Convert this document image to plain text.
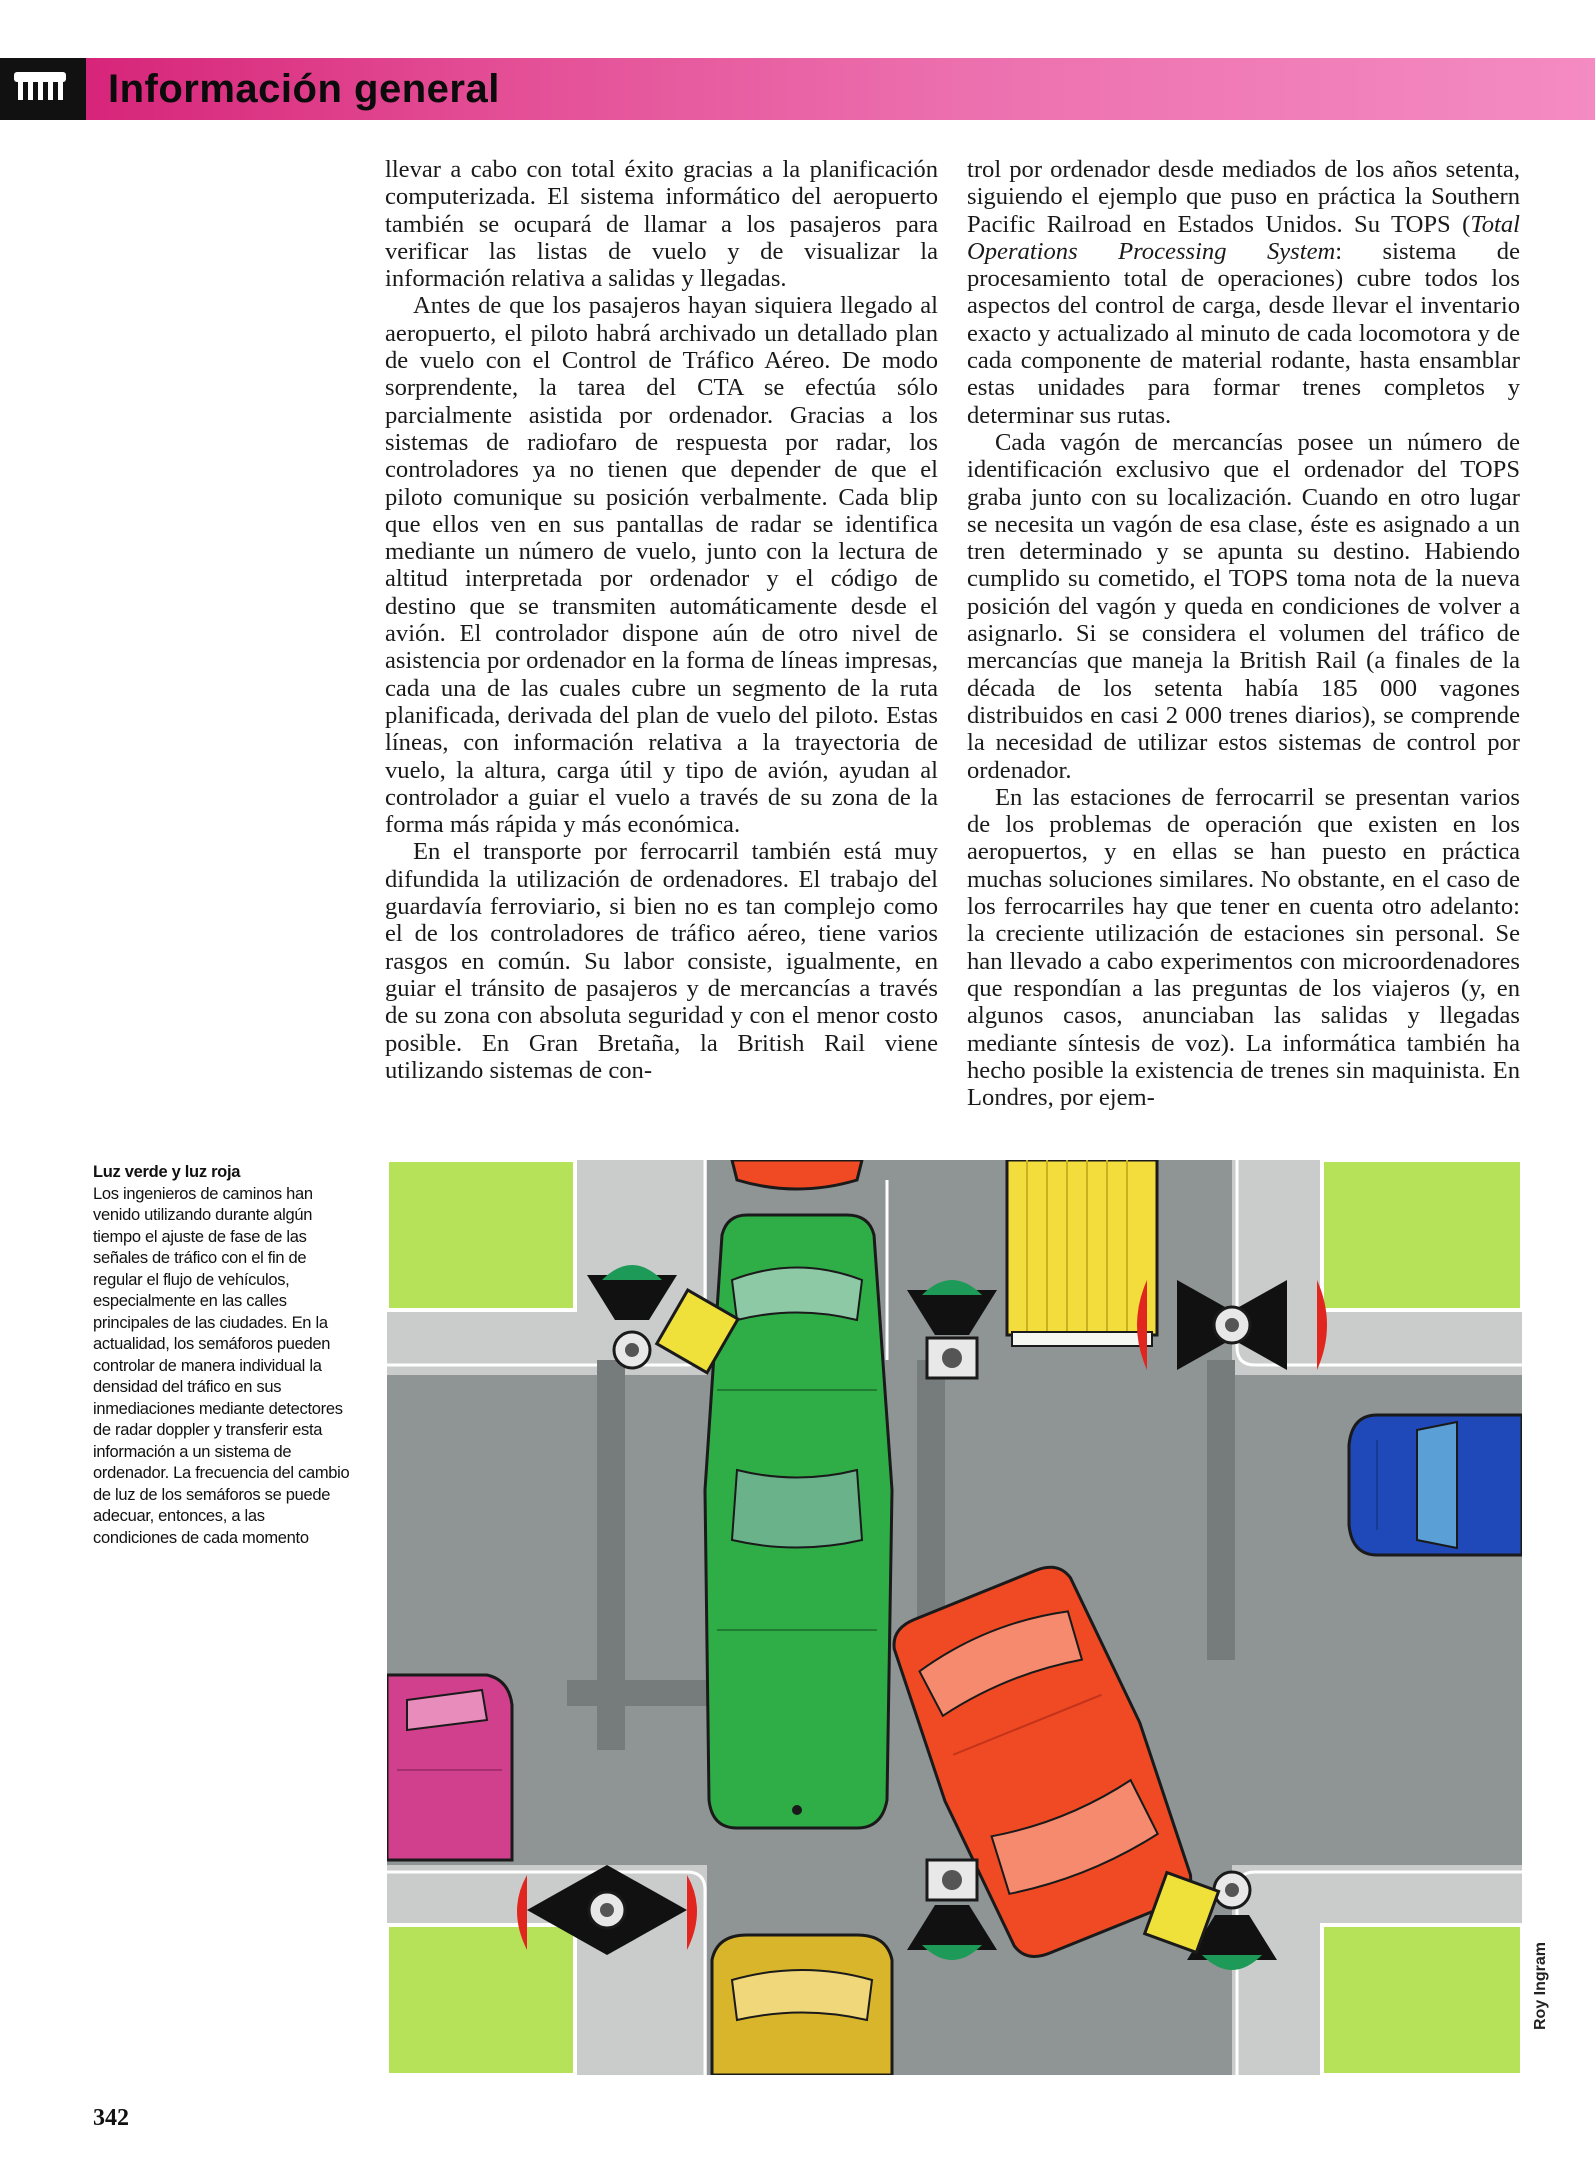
Información general

llevar a cabo con total éxito gracias a la planificación computerizada. El sistema informático del aeropuerto también se ocupará de llamar a los pasajeros para verificar las listas de vuelo y de visualizar la información relativa a salidas y llegadas.

Antes de que los pasajeros hayan siquiera llegado al aeropuerto, el piloto habrá archivado un detallado plan de vuelo con el Control de Tráfico Aéreo. De modo sorprendente, la tarea del CTA se efectúa sólo parcialmente asistida por ordenador. Gracias a los sistemas de radiofaro de respuesta por radar, los controladores ya no tienen que depender de que el piloto comunique su posición verbalmente. Cada blip que ellos ven en sus pantallas de radar se identifica mediante un número de vuelo, junto con la lectura de altitud interpretada por ordenador y el código de destino que se transmiten automáticamente desde el avión. El controlador dispone aún de otro nivel de asistencia por ordenador en la forma de líneas impresas, cada una de las cuales cubre un segmento de la ruta planificada, derivada del plan de vuelo del piloto. Estas líneas, con información relativa a la trayectoria de vuelo, la altura, carga útil y tipo de avión, ayudan al controlador a guiar el vuelo a través de su zona de la forma más rápida y más económica.

En el transporte por ferrocarril también está muy difundida la utilización de ordenadores. El trabajo del guardavía ferroviario, si bien no es tan complejo como el de los controladores de tráfico aéreo, tiene varios rasgos en común. Su labor consiste, igualmente, en guiar el tránsito de pasajeros y de mercancías a través de su zona con absoluta seguridad y con el menor costo posible. En Gran Bretaña, la British Rail viene utilizando sistemas de con-

trol por ordenador desde mediados de los años setenta, siguiendo el ejemplo que puso en práctica la Southern Pacific Railroad en Estados Unidos. Su TOPS (Total Operations Processing System: sistema de procesamiento total de operaciones) cubre todos los aspectos del control de carga, desde llevar el inventario exacto y actualizado al minuto de cada locomotora y de cada componente de material rodante, hasta ensamblar estas unidades para formar trenes completos y determinar sus rutas.

Cada vagón de mercancías posee un número de identificación exclusivo que el ordenador del TOPS graba junto con su localización. Cuando en otro lugar se necesita un vagón de esa clase, éste es asignado a un tren determinado y se apunta su destino. Habiendo cumplido su cometido, el TOPS toma nota de la nueva posición del vagón y queda en condiciones de volver a asignarlo. Si se considera el volumen del tráfico de mercancías que maneja la British Rail (a finales de la década de los setenta había 185 000 vagones distribuidos en casi 2 000 trenes diarios), se comprende la necesidad de utilizar estos sistemas de control por ordenador.

En las estaciones de ferrocarril se presentan varios de los problemas de operación que existen en los aeropuertos, y en ellas se han puesto en práctica muchas soluciones similares. No obstante, en el caso de los ferrocarriles hay que tener en cuenta otro adelanto: la creciente utilización de estaciones sin personal. Se han llevado a cabo experimentos con microordenadores que respondían a las preguntas de los viajeros (y, en algunos casos, anunciaban las salidas y llegadas mediante síntesis de voz). La informática también ha hecho posible la existencia de trenes sin maquinista. En Londres, por ejem-

Luz verde y luz roja
Los ingenieros de caminos han venido utilizando durante algún tiempo el ajuste de fase de las señales de tráfico con el fin de regular el flujo de vehículos, especialmente en las calles principales de las ciudades. En la actualidad, los semáforos pueden controlar de manera individual la densidad del tráfico en sus inmediaciones mediante detectores de radar doppler y transferir esta información a un sistema de ordenador. La frecuencia del cambio de luz de los semáforos se puede adecuar, entonces, a las condiciones de cada momento
Roy Ingram
342
